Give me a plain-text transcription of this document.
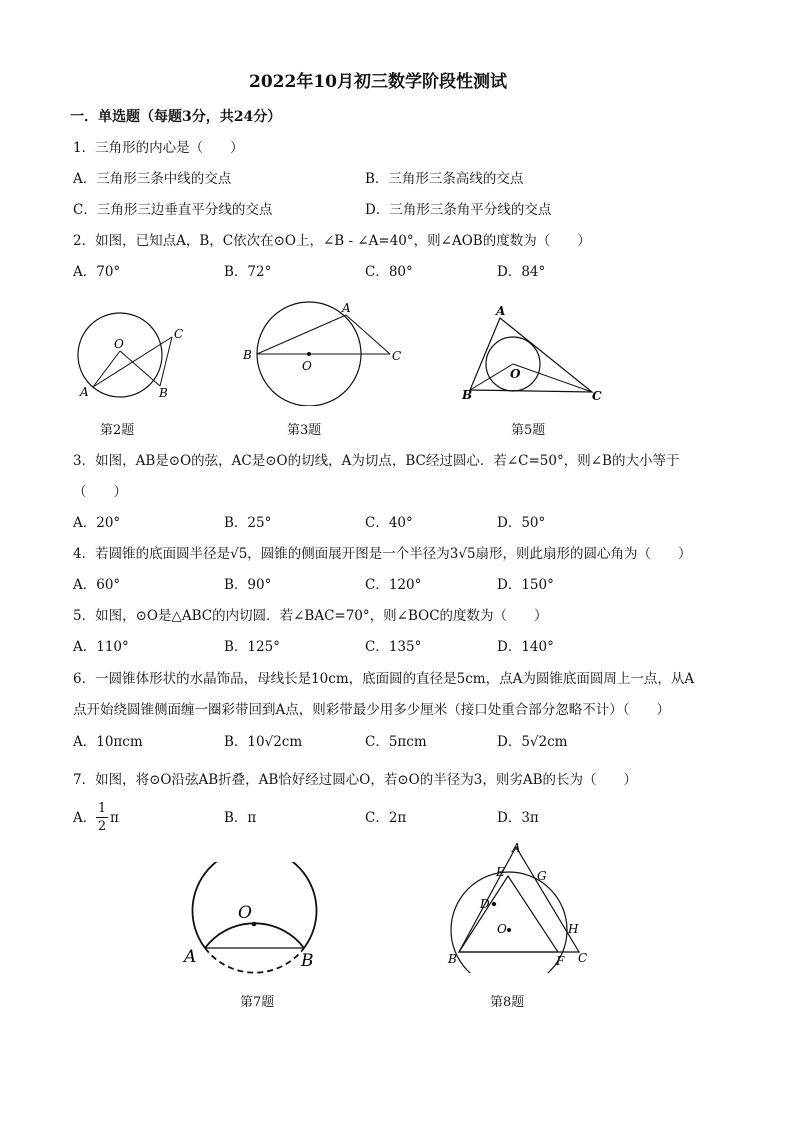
2022年10月初三数学阶段性测试
一．单选题（每题3分，共24分）
1．三角形的内心是（　　）
A．三角形三条中线的交点	B．三角形三条高线的交点
C．三角形三边垂直平分线的交点	D．三角形三条角平分线的交点
2．如图，已知点A，B，C依次在⊙O上，∠B - ∠A=40°，则∠AOB的度数为（　　）
A．70°	B．72°	C．80°	D．84°
O
A	B
C
第2题
A
B
O
C
第3题
A
B	C
O
第5题
3．如图，AB是⊙O的弦，AC是⊙O的切线，A为切点，BC经过圆心．若∠C=50°，则∠B的大小等于
（　　）
A．20°	B．25°	C．40°	D．50°
4．若圆锥的底面圆半径是√5，圆锥的侧面展开图是一个半径为3√5扇形，则此扇形的圆心角为（　　）
A．60°	B．90°	C．120°	D．150°
5．如图，⊙O是△ABC的内切圆．若∠BAC=70°，则∠BOC的度数为（　　）
A．110°	B．125°	C．135°	D．140°
6．一圆锥体形状的水晶饰品，母线长是10cm，底面圆的直径是5cm，点A为圆锥底面圆周上一点，从A
点开始绕圆锥侧面缠一圈彩带回到A点，则彩带最少用多少厘米（接口处重合部分忽略不计）（　　）
A．10πcm	B．10√2cm	C．5πcm	D．5√2cm
7．如图，将⊙O沿弦AB折叠，AB恰好经过圆心O，若⊙O的半径为3，则劣AB的长为（　　）
A．
1
2
π	B．π	C．2π	D．3π
O
A	B
第7题
A
E	G
D
O	H
B	F C
第8题
